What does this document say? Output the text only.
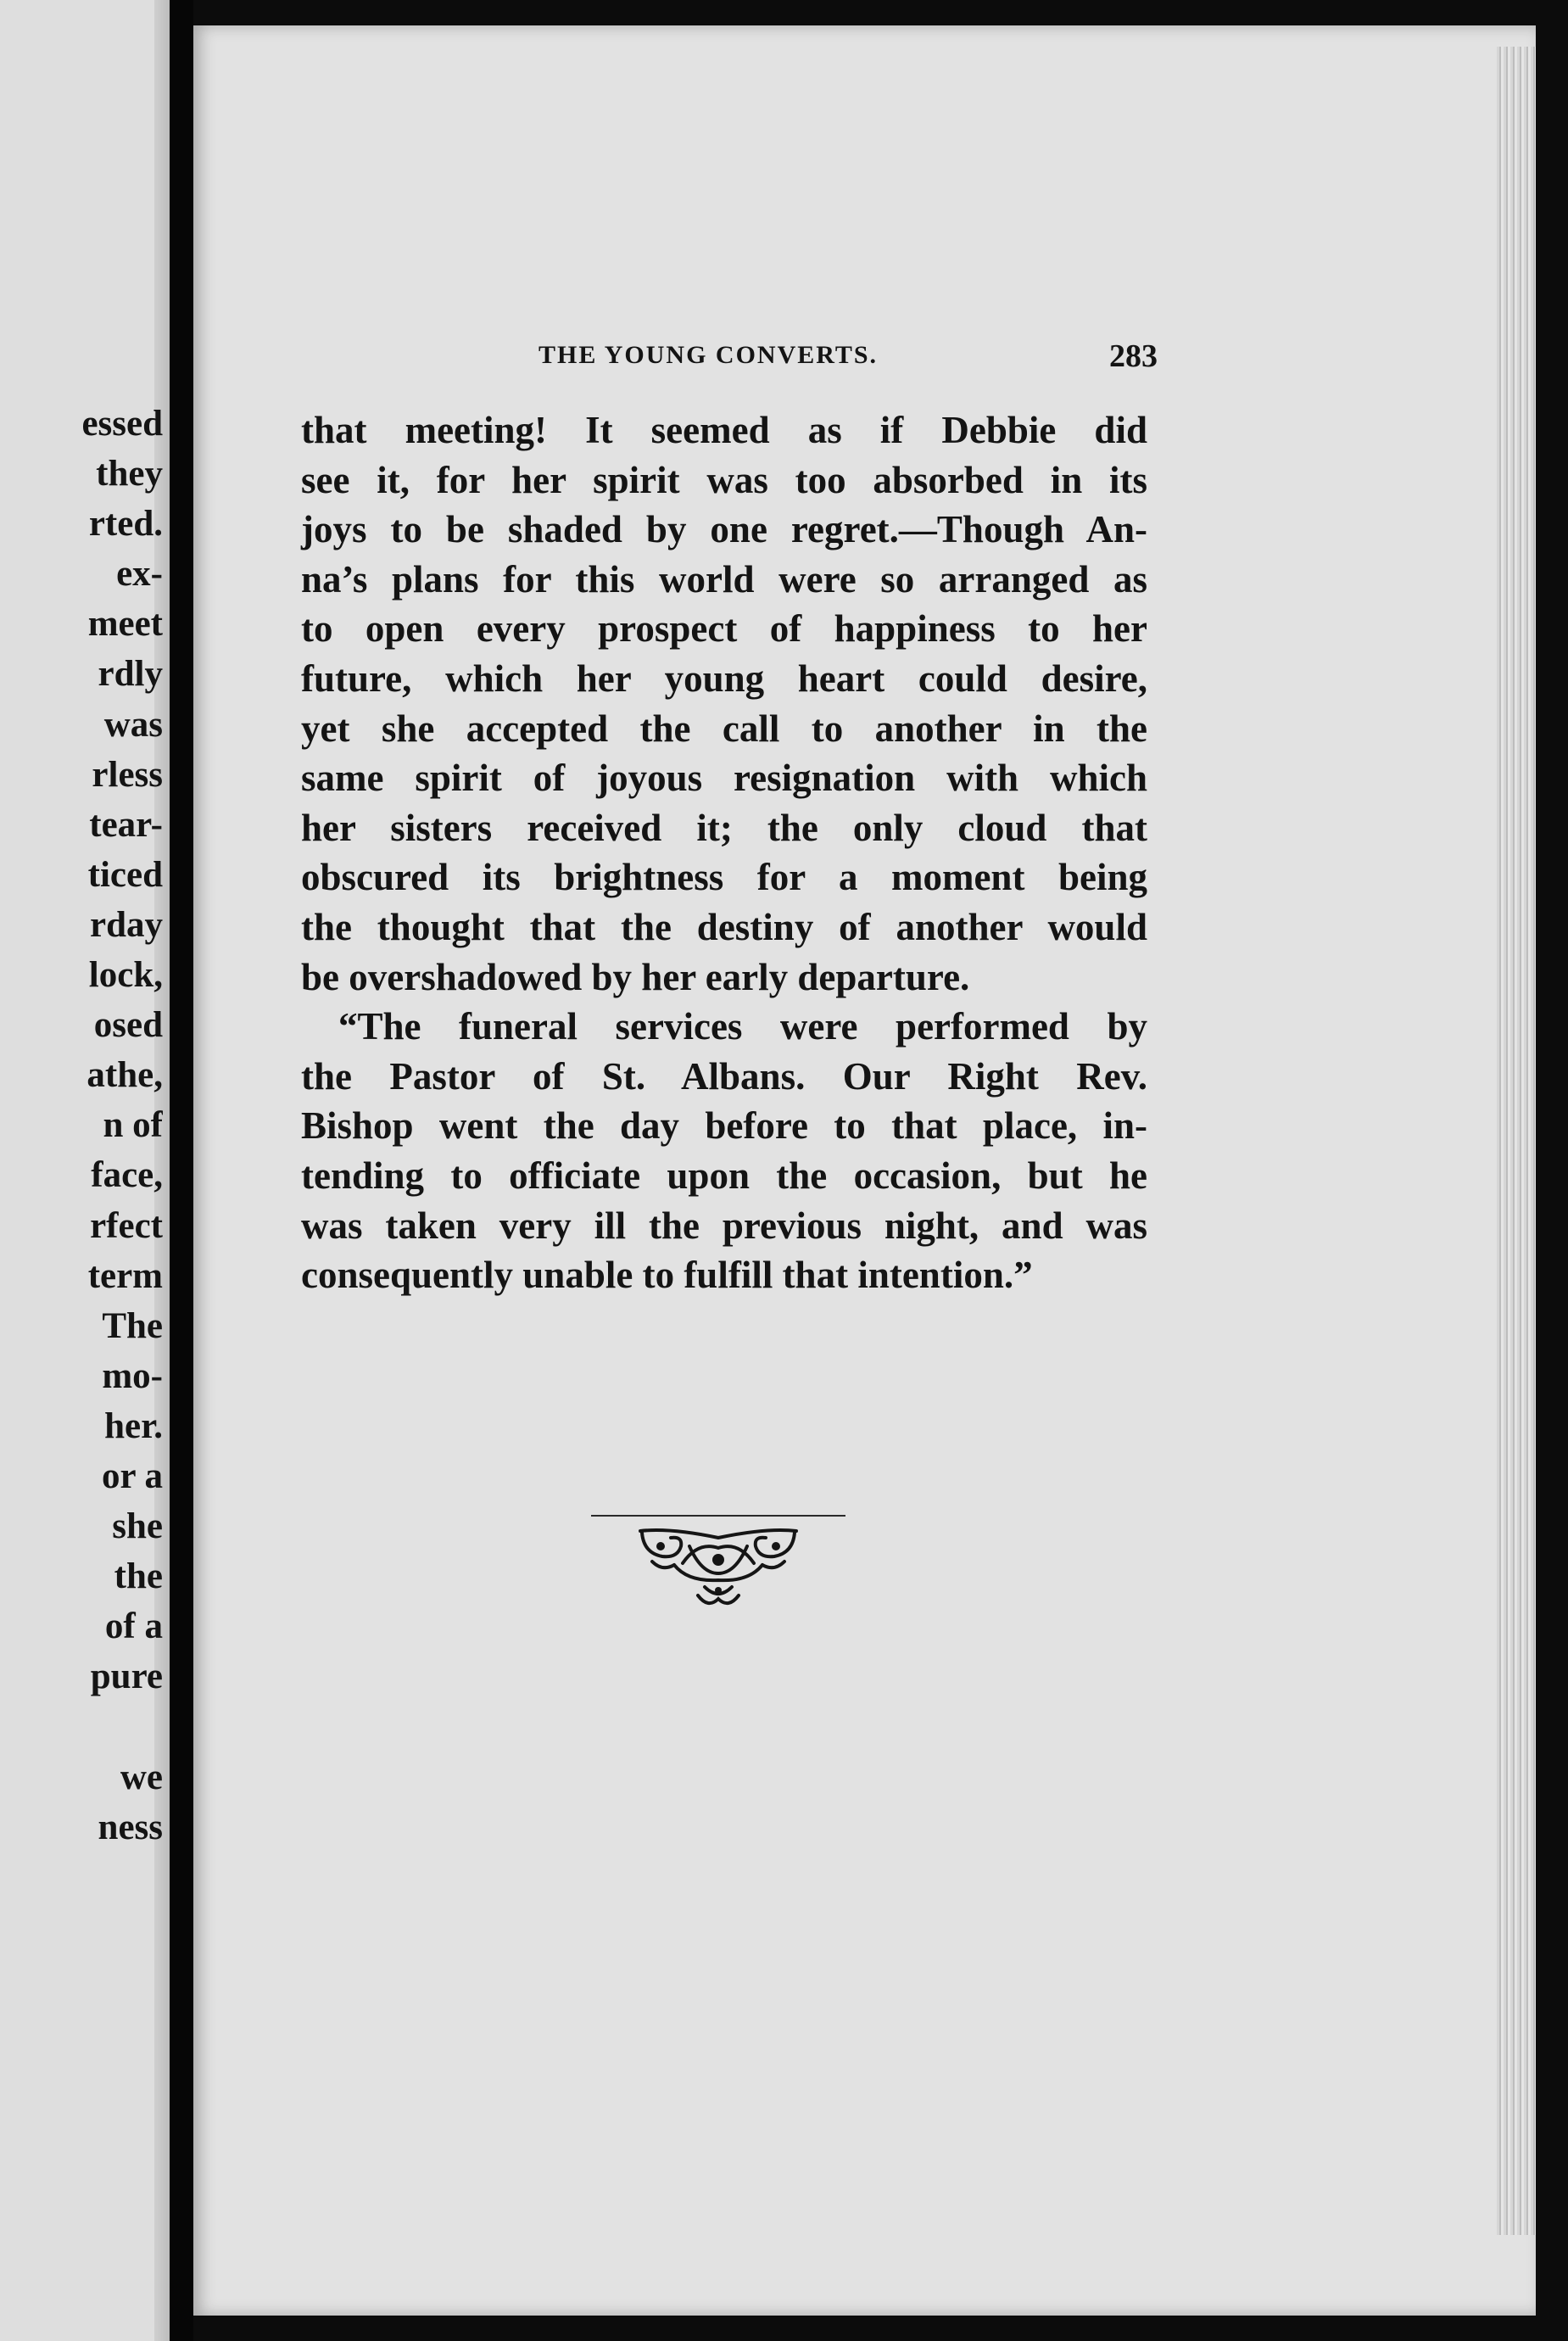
essed
they
rted.
ex-
meet
rdly
was
rless
tear-
ticed
rday
lock,
osed
athe,
n of
face,
rfect
term
The
mo-
her.
or a
she
the
of a
pure
we
ness
THE YOUNG CONVERTS.	283
that meeting! It seemed as if Debbie did
see it, for her spirit was too absorbed in its
joys to be shaded by one regret.—Though An-
na’s plans for this world were so arranged as
to open every prospect of happiness to her
future, which her young heart could desire,
yet she accepted the call to another in the
same spirit of joyous resignation with which
her sisters received it; the only cloud that
obscured its brightness for a moment being
the thought that the destiny of another would
be overshadowed by her early departure.
“The funeral services were performed by
the Pastor of St. Albans. Our Right Rev.
Bishop went the day before to that place, in-
tending to officiate upon the occasion, but he
was taken very ill the previous night, and was
consequently unable to fulfill that intention.”
